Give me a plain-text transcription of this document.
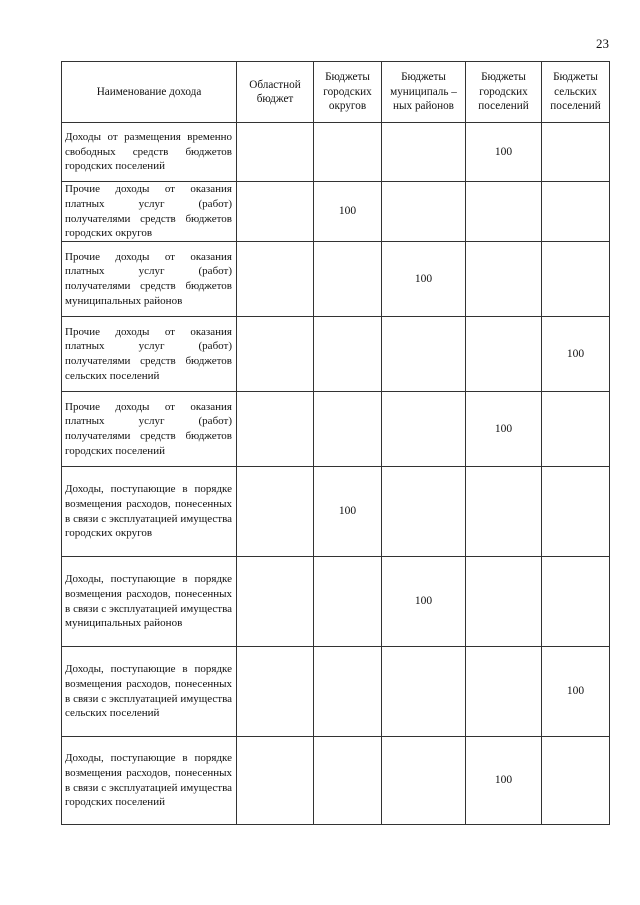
23
Наименование дохода	Областной бюджет	Бюджеты городских округов	Бюджеты муниципаль –ных районов	Бюджеты городских поселений	Бюджеты сельских поселений
Доходы от размещения временно свободных средств бюджетов городских поселений				100	
Прочие доходы от оказания платных услуг (работ) получателями средств бюджетов городских округов		100			
Прочие доходы от оказания платных услуг (работ) получателями средств бюджетов муниципальных районов			100		
Прочие доходы от оказания платных услуг (работ) получателями средств бюджетов сельских поселений					100
Прочие доходы от оказания платных услуг (работ) получателями средств бюджетов городских поселений				100	
Доходы, поступающие в порядке возмещения расходов, понесенных в связи с эксплуатацией имущества городских округов		100			
Доходы, поступающие в порядке возмещения расходов, понесенных в связи с эксплуатацией имущества муниципальных районов			100		
Доходы, поступающие в порядке возмещения расходов, понесенных в связи с эксплуатацией имущества сельских поселений					100
Доходы, поступающие в порядке возмещения расходов, понесенных в связи с эксплуатацией имущества городских поселений				100	
